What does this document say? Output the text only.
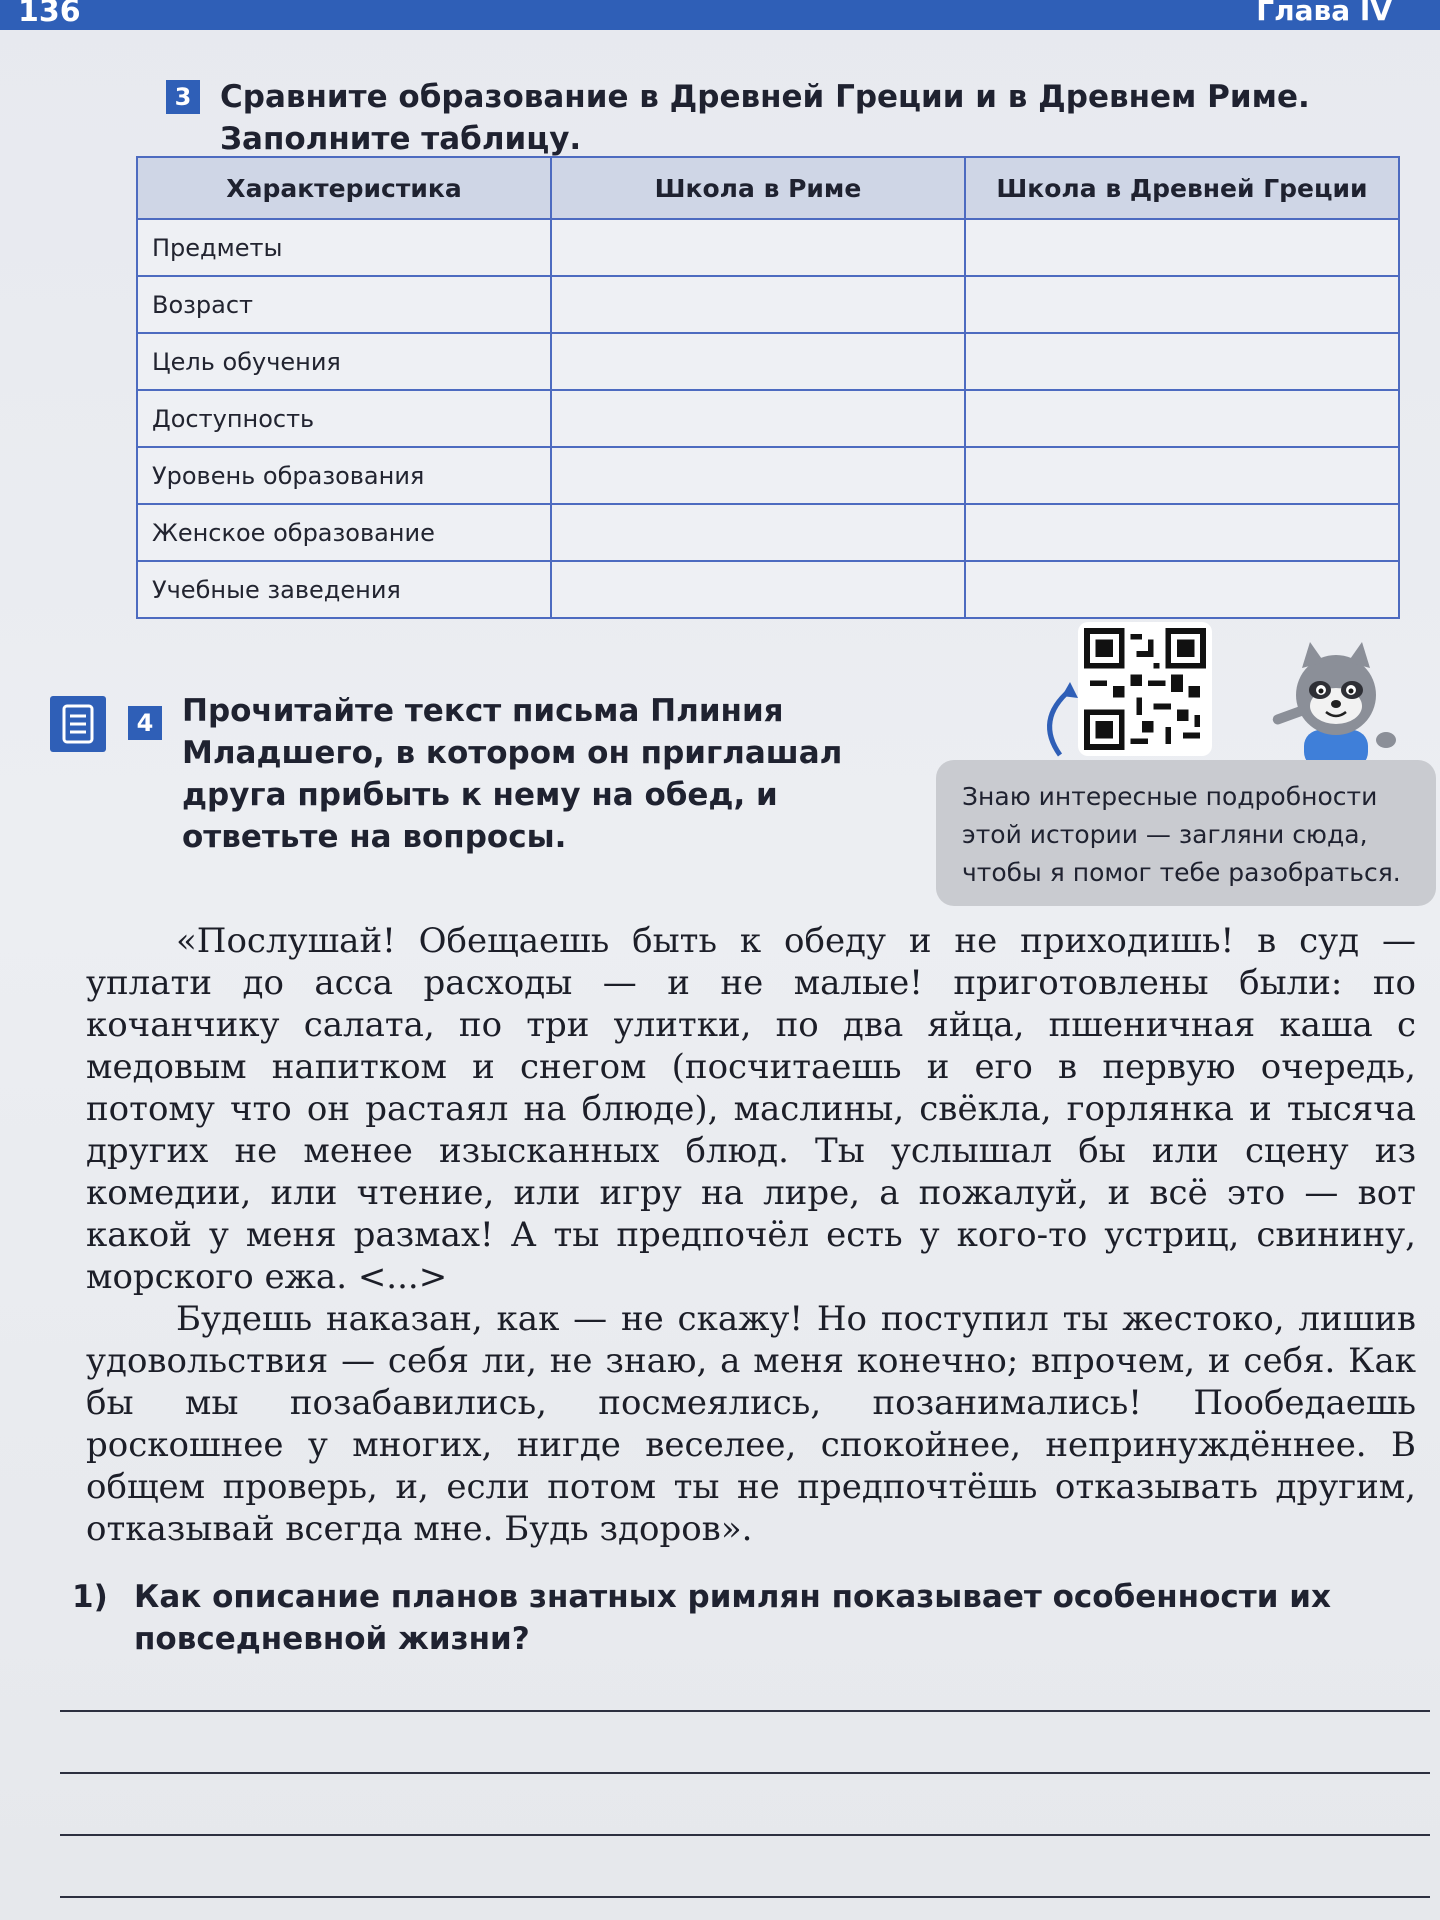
136	Глава IV
3 Сравните образование в Древней Греции и в Древнем Риме. Заполните таблицу.
Характеристика	Школа в Риме	Школа в Древней Греции
Предметы		
Возраст		
Цель обучения		
Доступность		
Уровень образования		
Женское образование		
Учебные заведения		
4 Прочитайте текст письма Плиния Младшего, в котором он приглашал друга прибыть к нему на обед, и ответьте на вопросы.
Знаю интересные подробности этой истории — загляни сюда, чтобы я помог тебе разобраться.

«Послушай! Обещаешь быть к обеду и не приходишь! в суд — уплати до асса расходы — и не малые! приготовлены были: по кочанчику салата, по три улитки, по два яйца, пшеничная каша с медовым напитком и снегом (посчитаешь и его в первую очередь, потому что он растаял на блюде), маслины, свёкла, горлянка и тысяча других не менее изысканных блюд. Ты услышал бы или сцену из комедии, или чтение, или игру на лире, а пожалуй, и всё это — вот какой у меня размах! А ты предпочёл есть у кого-то устриц, свинину, морского ежа. <...>

Будешь наказан, как — не скажу! Но поступил ты жестоко, лишив удовольствия — себя ли, не знаю, а меня конечно; впрочем, и себя. Как бы мы позабавились, посмеялись, позанимались! Пообедаешь роскошнее у многих, нигде веселее, спокойнее, непринуждённее. В общем проверь, и, если потом ты не предпочтёшь отказывать другим, отказывай всегда мне. Будь здоров».

1) Как описание планов знатных римлян показывает особенности их повседневной жизни?
